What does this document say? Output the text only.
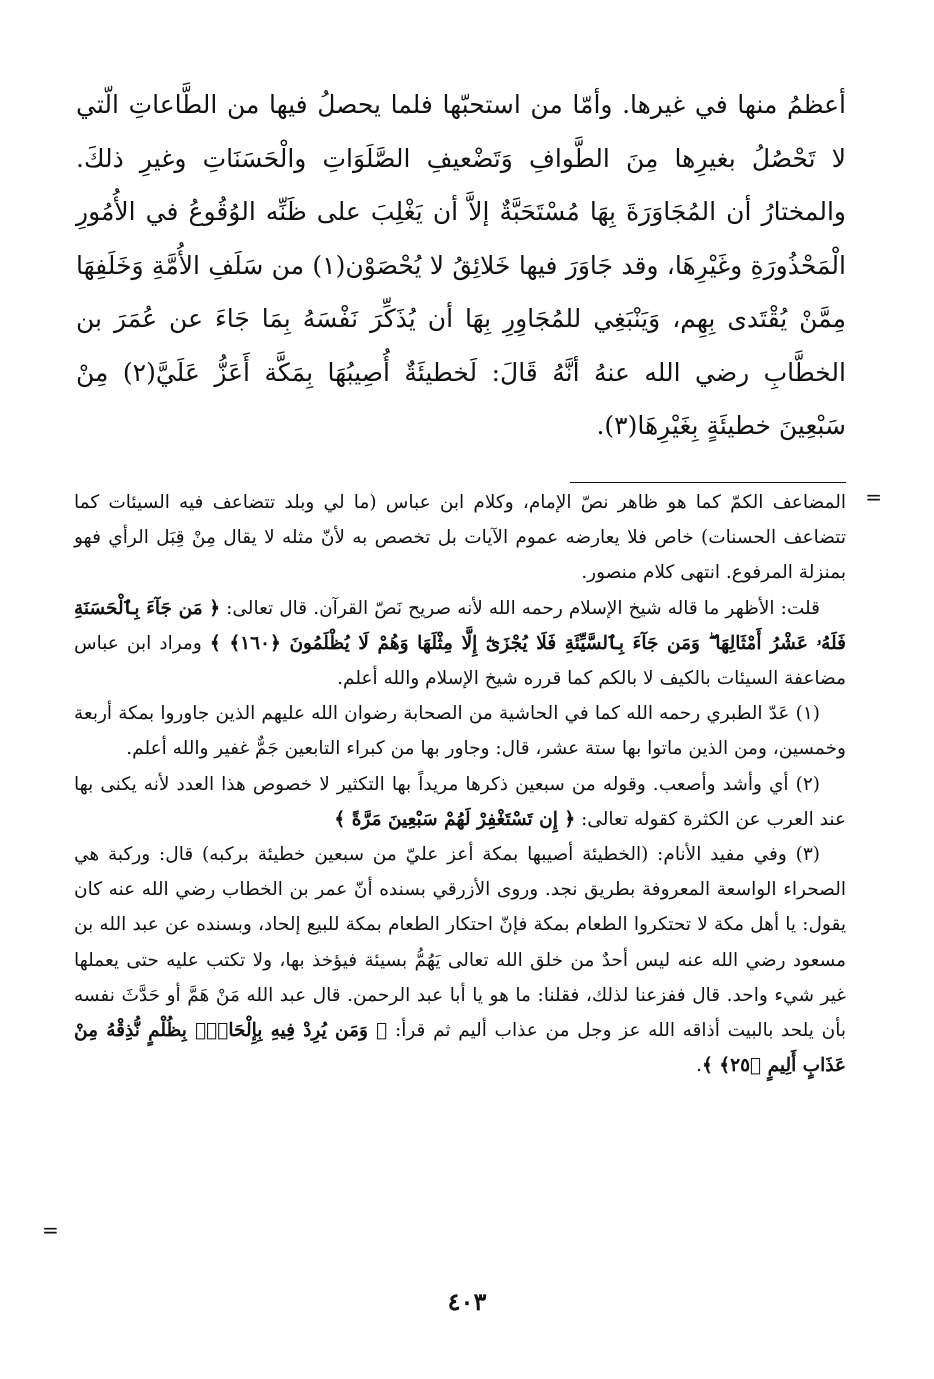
أعظمُ منها في غيرها. وأمّا من استحبّها فلما يحصلُ فيها من الطَّاعاتِ الّتي لا تَحْصُلُ بغيرِها مِنَ الطَّوافِ وَتَضْعيفِ الصَّلَوَاتِ والْحَسَنَاتِ وغيرِ ذلكَ. والمختارُ أن المُجَاوَرَةَ بِهَا مُسْتَحَبَّةٌ إلاَّ أن يَغْلِبَ على ظَنِّه الوُقُوعُ في الأُمُورِ الْمَحْذُورَةِ وغَيْرِهَا، وقد جَاوَرَ فيها خَلائِقُ لا يُحْصَوْن(١) من سَلَفِ الأُمَّةِ وَخَلَفِهَا مِمَّنْ يُقْتَدى بِهِم، وَيَنْبَغِي للمُجَاوِرِ بِهَا أن يُذَكِّرَ نَفْسَهُ بِمَا جَاءَ عن عُمَرَ بن الخطَّابِ رضي الله عنهُ أنَّهُ قَالَ: لَخطيئَةٌ أُصِيبُهَا بِمَكَّة أَعَزُّ عَلَيَّ(٢) مِنْ سَبْعِينَ خطيئَةٍ بِغَيْرِهَا(٣).

=

المضاعف الكمّ كما هو ظاهر نصّ الإمام، وكلام ابن عباس (ما لي وبلد تتضاعف فيه السيئات كما تتضاعف الحسنات) خاص فلا يعارضه عموم الآيات بل تخصص به لأنّ مثله لا يقال مِنْ قِبَل الرأي فهو بمنزلة المرفوع. انتهى كلام منصور.

قلت: الأظهر ما قاله شيخ الإسلام رحمه الله لأنه صريح نَصّ القرآن. قال تعالى: ﴿ مَن جَآءَ بِٱلْحَسَنَةِ فَلَهُۥ عَشْرُ أَمْثَالِهَا ۖ وَمَن جَآءَ بِٱلسَّيِّئَةِ فَلَا يُجْزَىٰٓ إِلَّا مِثْلَهَا وَهُمْ لَا يُظْلَمُونَ ﴿١٦٠﴾ ﴾ ومراد ابن عباس مضاعفة السيئات بالكيف لا بالكم كما قرره شيخ الإسلام والله أعلم.

(١) عَدّ الطبري رحمه الله كما في الحاشية من الصحابة رضوان الله عليهم الذين جاوروا بمكة أربعة وخمسين، ومن الذين ماتوا بها ستة عشر، قال: وجاور بها من كبراء التابعين جَمٌّ غفير والله أعلم.

(٢) أي وأشد وأصعب. وقوله من سبعين ذكرها مريداً بها التكثير لا خصوص هذا العدد لأنه يكنى بها عند العرب عن الكثرة كقوله تعالى: ﴿ إِن تَسْتَغْفِرْ لَهُمْ سَبْعِينَ مَرَّةً ﴾

(٣) وفي مفيد الأنام: (الخطيئة أصيبها بمكة أعز عليّ من سبعين خطيئة بركبه) قال: وركبة هي الصحراء الواسعة المعروفة بطريق نجد. وروى الأزرقي بسنده أنّ عمر بن الخطاب رضي الله عنه كان يقول: يا أهل مكة لا تحتكروا الطعام بمكة فإنّ احتكار الطعام بمكة للبيع إلحاد، وبسنده عن عبد الله بن مسعود رضي الله عنه ليس أحدٌ من خلق الله تعالى يَهُمُّ بسيئة فيؤخذ بها، ولا تكتب عليه حتى يعملها غير شيء واحد. قال ففزعنا لذلك، فقلنا: ما هو يا أبا عبد الرحمن. قال عبد الله مَنْ هَمَّ أو حَدَّثَ نفسه بأن يلحد بالبيت أذاقه الله عز وجل من عذاب أليم ثم قرأ: ﴿ وَمَن يُرِدْ فِيهِ بِإِلْحَادٍۭ بِظُلْمٍ نُّذِقْهُ مِنْ عَذَابٍ أَلِيمٍ ﴿٢٥﴾ ﴾.

=
٤٠٣
